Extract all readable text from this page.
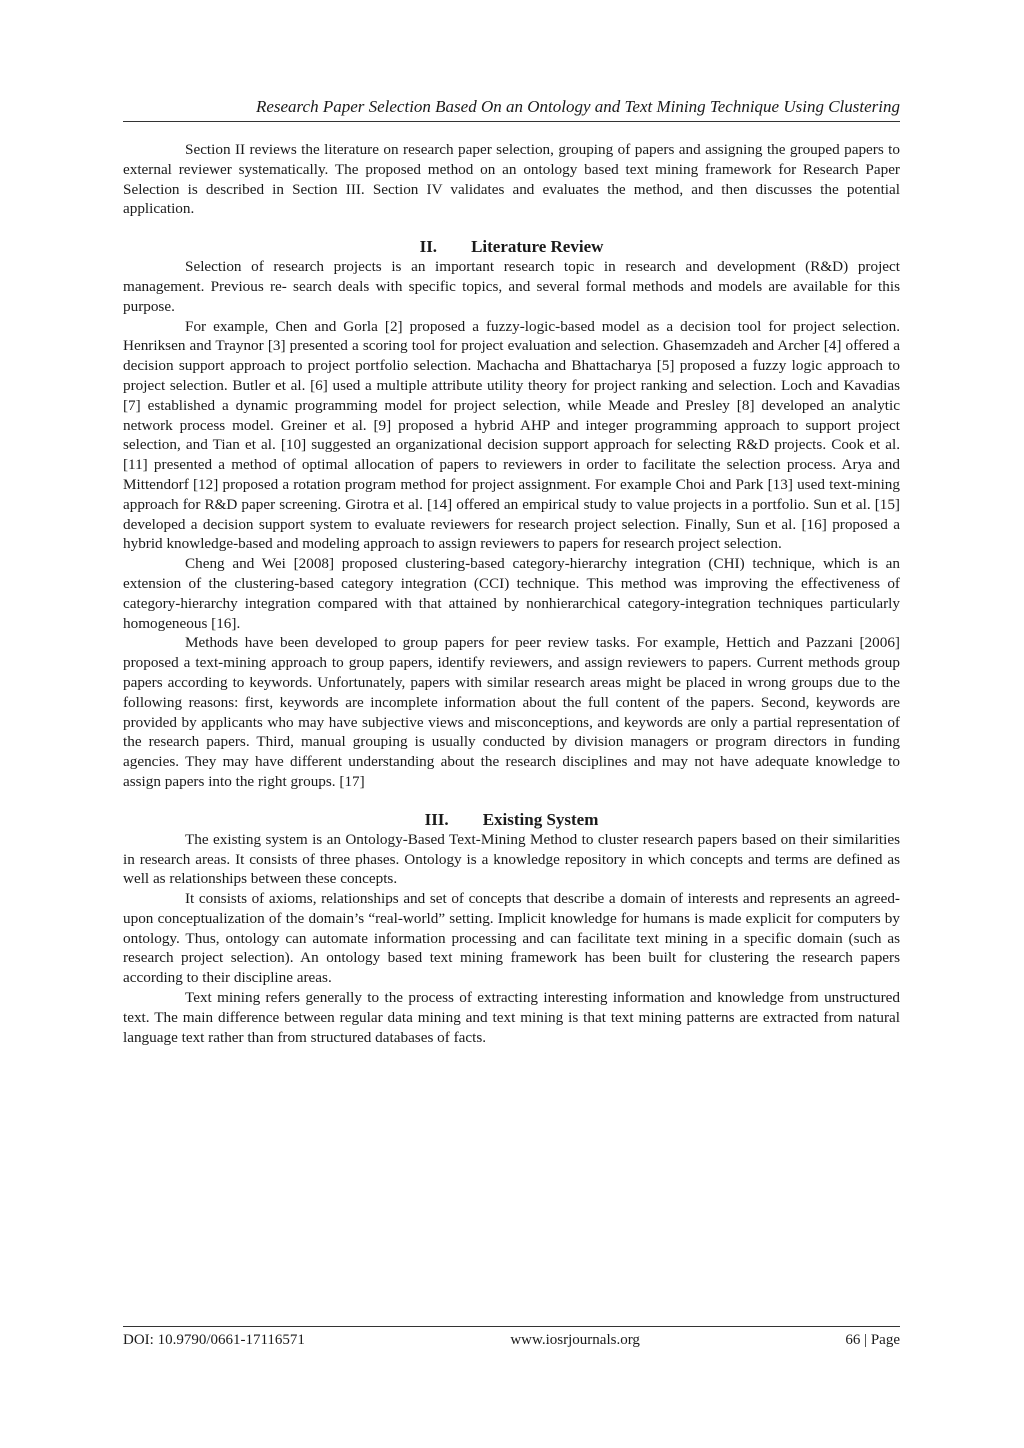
Research Paper Selection Based On an Ontology and Text Mining Technique Using Clustering

Section II reviews the literature on research paper selection, grouping of papers and assigning the grouped papers to external reviewer systematically. The proposed method on an ontology based text mining framework for Research Paper Selection is described in Section III. Section IV validates and evaluates the method, and then discusses the potential application.

II. Literature Review

Selection of research projects is an important research topic in research and development (R&D) project management. Previous re- search deals with specific topics, and several formal methods and models are available for this purpose.

For example, Chen and Gorla [2] proposed a fuzzy-logic-based model as a decision tool for project selection. Henriksen and Traynor [3] presented a scoring tool for project evaluation and selection. Ghasemzadeh and Archer [4] offered a decision support approach to project portfolio selection. Machacha and Bhattacharya [5] proposed a fuzzy logic approach to project selection. Butler et al. [6] used a multiple attribute utility theory for project ranking and selection. Loch and Kavadias [7] established a dynamic programming model for project selection, while Meade and Presley [8] developed an analytic network process model. Greiner et al. [9] proposed a hybrid AHP and integer programming approach to support project selection, and Tian et al. [10] suggested an organizational decision support approach for selecting R&D projects. Cook et al. [11] presented a method of optimal allocation of papers to reviewers in order to facilitate the selection process. Arya and Mittendorf [12] proposed a rotation program method for project assignment. For example Choi and Park [13] used text-mining approach for R&D paper screening. Girotra et al. [14] offered an empirical study to value projects in a portfolio. Sun et al. [15] developed a decision support system to evaluate reviewers for research project selection. Finally, Sun et al. [16] proposed a hybrid knowledge-based and modeling approach to assign reviewers to papers for research project selection.

Cheng and Wei [2008] proposed clustering-based category-hierarchy integration (CHI) technique, which is an extension of the clustering-based category integration (CCI) technique. This method was improving the effectiveness of category-hierarchy integration compared with that attained by nonhierarchical category-integration techniques particularly homogeneous [16].

Methods have been developed to group papers for peer review tasks. For example, Hettich and Pazzani [2006] proposed a text-mining approach to group papers, identify reviewers, and assign reviewers to papers. Current methods group papers according to keywords. Unfortunately, papers with similar research areas might be placed in wrong groups due to the following reasons: first, keywords are incomplete information about the full content of the papers. Second, keywords are provided by applicants who may have subjective views and misconceptions, and keywords are only a partial representation of the research papers. Third, manual grouping is usually conducted by division managers or program directors in funding agencies. They may have different understanding about the research disciplines and may not have adequate knowledge to assign papers into the right groups. [17]

III. Existing System

The existing system is an Ontology-Based Text-Mining Method to cluster research papers based on their similarities in research areas. It consists of three phases. Ontology is a knowledge repository in which concepts and terms are defined as well as relationships between these concepts.

It consists of axioms, relationships and set of concepts that describe a domain of interests and represents an agreed-upon conceptualization of the domain’s “real-world” setting. Implicit knowledge for humans is made explicit for computers by ontology. Thus, ontology can automate information processing and can facilitate text mining in a specific domain (such as research project selection). An ontology based text mining framework has been built for clustering the research papers according to their discipline areas.

Text mining refers generally to the process of extracting interesting information and knowledge from unstructured text. The main difference between regular data mining and text mining is that text mining patterns are extracted from natural language text rather than from structured databases of facts.

DOI: 10.9790/0661-17116571	www.iosrjournals.org	66 | Page
